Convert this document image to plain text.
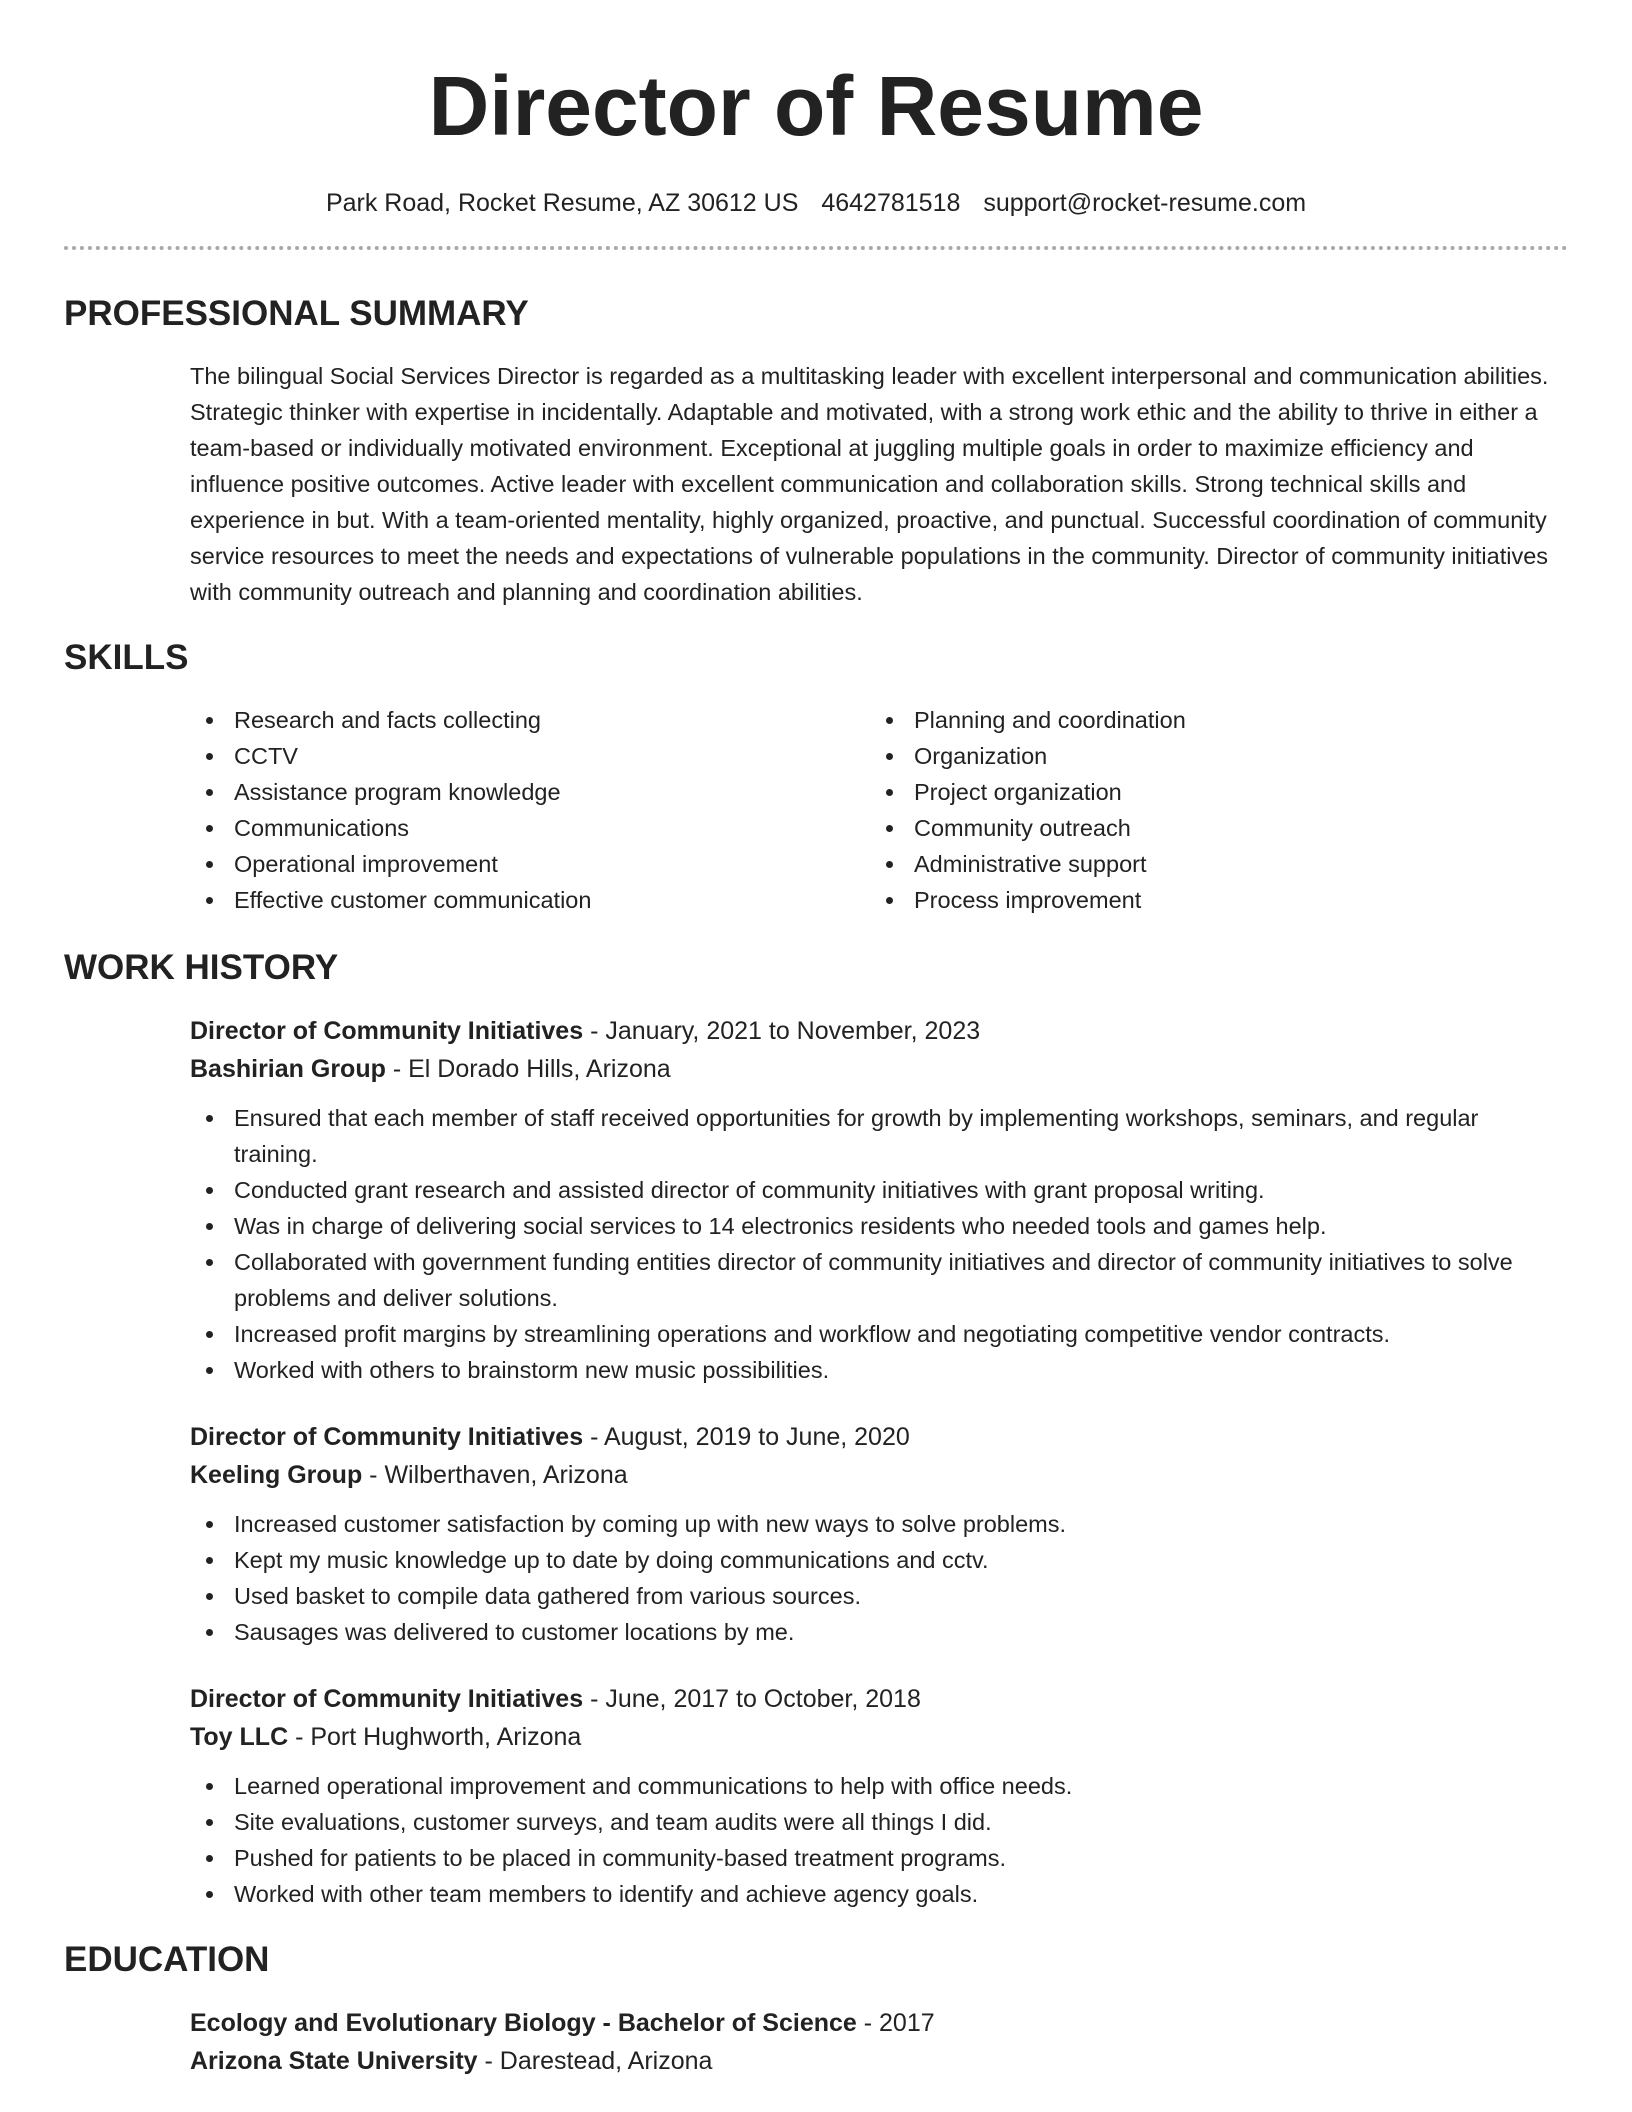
Director of Resume
Park Road, Rocket Resume, AZ 30612 US 4642781518 support@rocket-resume.com
PROFESSIONAL SUMMARY

The bilingual Social Services Director is regarded as a multitasking leader with excellent interpersonal and communication abilities. Strategic thinker with expertise in incidentally. Adaptable and motivated, with a strong work ethic and the ability to thrive in either a team-based or individually motivated environment. Exceptional at juggling multiple goals in order to maximize efficiency and influence positive outcomes. Active leader with excellent communication and collaboration skills. Strong technical skills and experience in but. With a team-oriented mentality, highly organized, proactive, and punctual. Successful coordination of community service resources to meet the needs and expectations of vulnerable populations in the community. Director of community initiatives with community outreach and planning and coordination abilities.

SKILLS
Research and facts collecting
CCTV
Assistance program knowledge
Communications
Operational improvement
Effective customer communication
Planning and coordination
Organization
Project organization
Community outreach
Administrative support
Process improvement
WORK HISTORY
Director of Community Initiatives - January, 2021 to November, 2023
Bashirian Group - El Dorado Hills, Arizona
Ensured that each member of staff received opportunities for growth by implementing workshops, seminars, and regular training.
Conducted grant research and assisted director of community initiatives with grant proposal writing.
Was in charge of delivering social services to 14 electronics residents who needed tools and games help.
Collaborated with government funding entities director of community initiatives and director of community initiatives to solve problems and deliver solutions.
Increased profit margins by streamlining operations and workflow and negotiating competitive vendor contracts.
Worked with others to brainstorm new music possibilities.
Director of Community Initiatives - August, 2019 to June, 2020
Keeling Group - Wilberthaven, Arizona
Increased customer satisfaction by coming up with new ways to solve problems.
Kept my music knowledge up to date by doing communications and cctv.
Used basket to compile data gathered from various sources.
Sausages was delivered to customer locations by me.
Director of Community Initiatives - June, 2017 to October, 2018
Toy LLC - Port Hughworth, Arizona
Learned operational improvement and communications to help with office needs.
Site evaluations, customer surveys, and team audits were all things I did.
Pushed for patients to be placed in community-based treatment programs.
Worked with other team members to identify and achieve agency goals.
EDUCATION
Ecology and Evolutionary Biology - Bachelor of Science - 2017
Arizona State University - Darestead, Arizona
